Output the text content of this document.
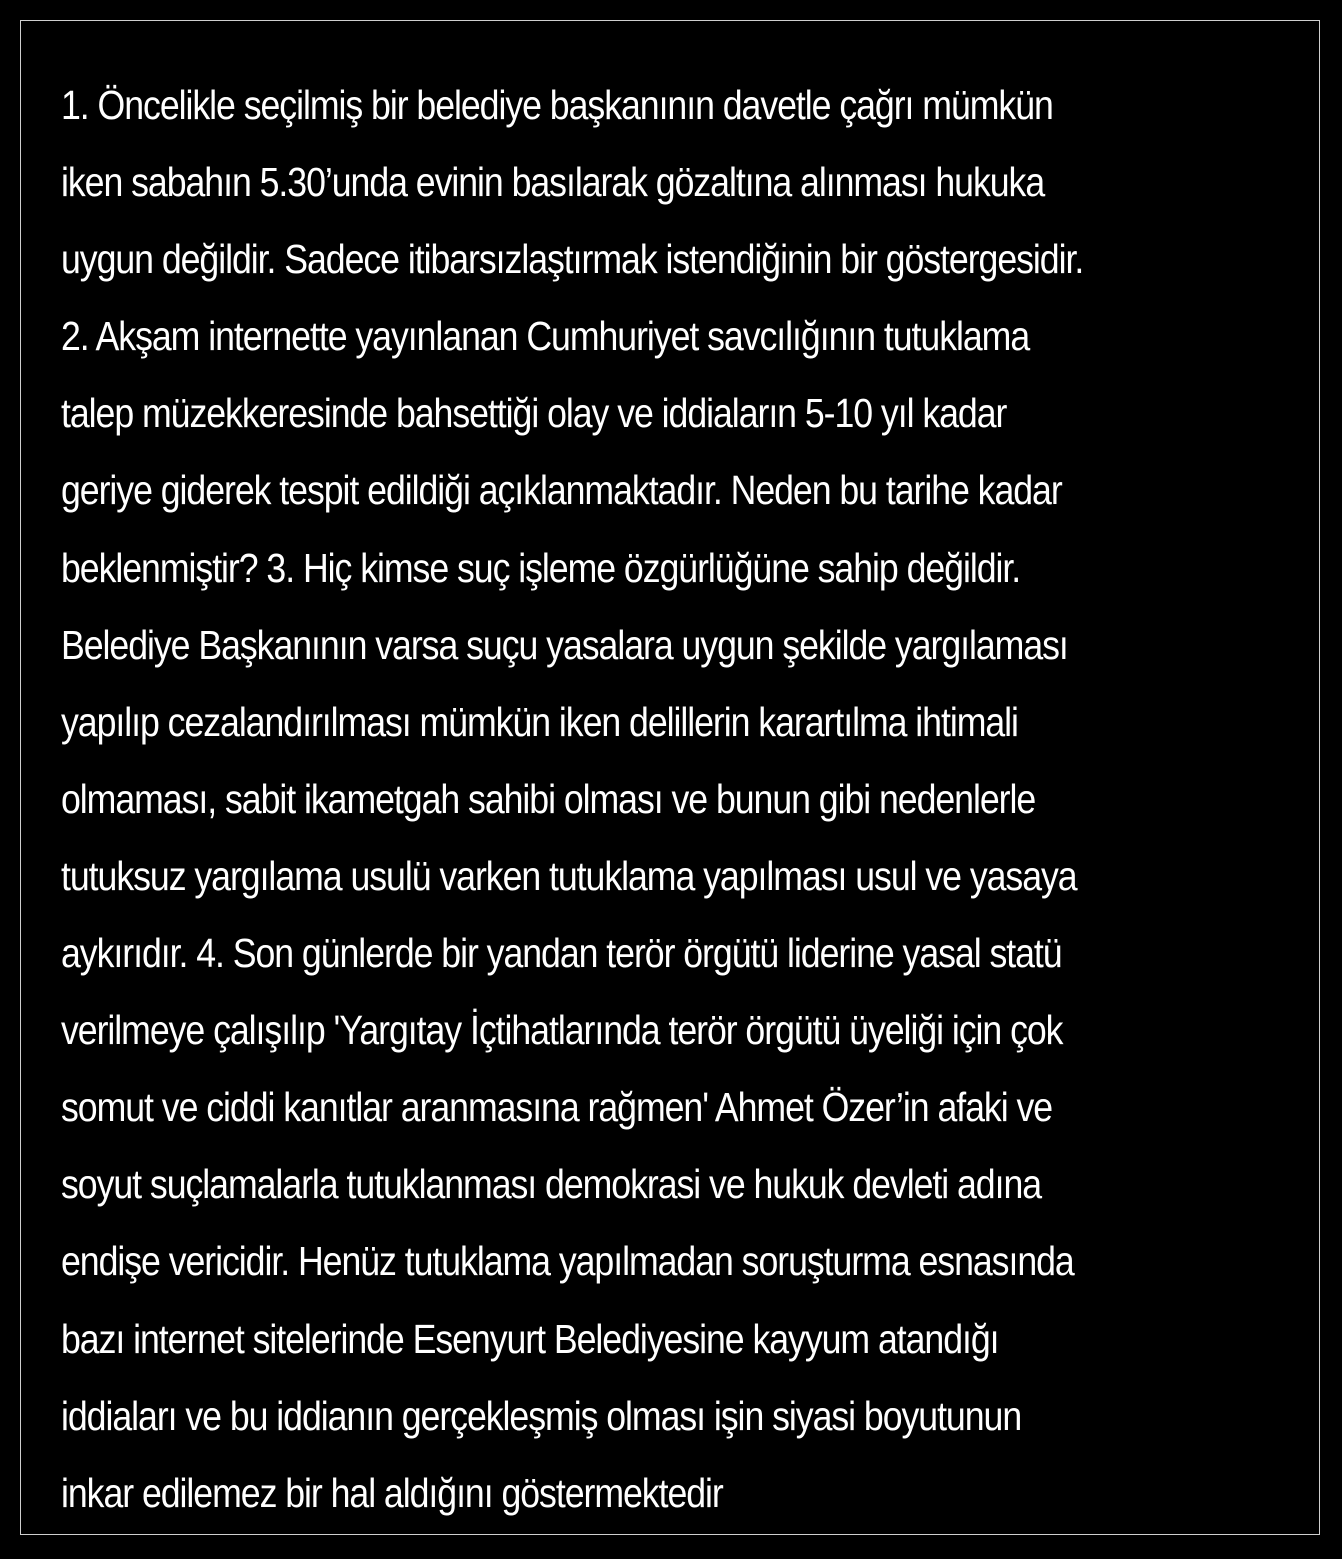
1. Öncelikle seçilmiş bir belediye başkanının davetle çağrı mümkün
iken sabahın 5.30’unda evinin basılarak gözaltına alınması hukuka
uygun değildir. Sadece itibarsızlaştırmak istendiğinin bir göstergesidir.
2. Akşam internette yayınlanan Cumhuriyet savcılığının tutuklama
talep müzekkeresinde bahsettiği olay ve iddiaların 5-10 yıl kadar
geriye giderek tespit edildiği açıklanmaktadır. Neden bu tarihe kadar
beklenmiştir? 3. Hiç kimse suç işleme özgürlüğüne sahip değildir.
Belediye Başkanının varsa suçu yasalara uygun şekilde yargılaması
yapılıp cezalandırılması mümkün iken delillerin karartılma ihtimali
olmaması, sabit ikametgah sahibi olması ve bunun gibi nedenlerle
tutuksuz yargılama usulü varken tutuklama yapılması usul ve yasaya
aykırıdır. 4. Son günlerde bir yandan terör örgütü liderine yasal statü
verilmeye çalışılıp 'Yargıtay İçtihatlarında terör örgütü üyeliği için çok
somut ve ciddi kanıtlar aranmasına rağmen' Ahmet Özer’in afaki ve
soyut suçlamalarla tutuklanması demokrasi ve hukuk devleti adına
endişe vericidir. Henüz tutuklama yapılmadan soruşturma esnasında
bazı internet sitelerinde Esenyurt Belediyesine kayyum atandığı
iddiaları ve bu iddianın gerçekleşmiş olması işin siyasi boyutunun
inkar edilemez bir hal aldığını göstermektedir
